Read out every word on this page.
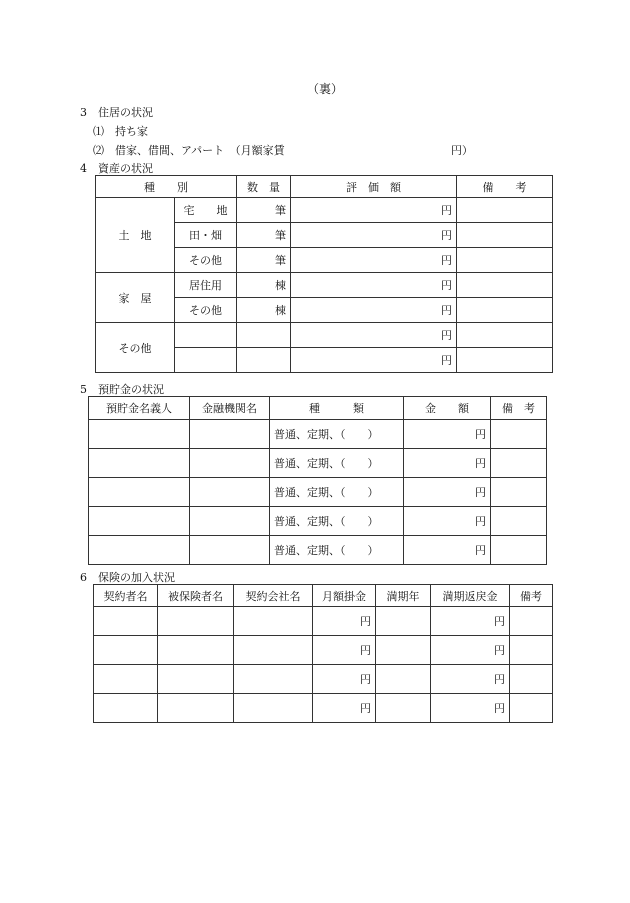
（裏）
3　住居の状況
⑴　持ち家
⑵　借家、借間、アパート　（月額家賃	円）
4　資産の状況
種　　別		数　量	評　価　額	備　　考
土　地	宅　　地	筆	円	
	田・畑	筆	円	
	その他	筆	円	
家　屋	居住用	棟	円	
	その他	棟	円	
その他			円	
			円	
5　預貯金の状況
預貯金名義人	金融機関名	種　　　類	金　　額	備　考
		普通、定期、（　　）	円	
		普通、定期、（　　）	円	
		普通、定期、（　　）	円	
		普通、定期、（　　）	円	
		普通、定期、（　　）	円	
6　保険の加入状況
契約者名	被保険者名	契約会社名	月額掛金	満期年	満期返戻金	備考
			円		円	
			円		円	
			円		円	
			円		円	
